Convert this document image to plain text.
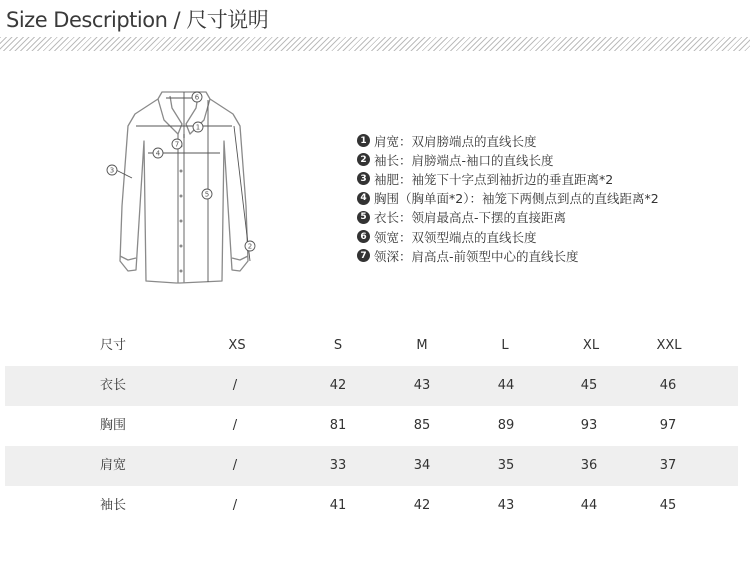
Size Description / 尺寸说明
6
1
7
4
3
5
2
1 肩宽：双肩膀端点的直线长度
2 袖长：肩膀端点-袖口的直线长度
3 袖肥：袖笼下十字点到袖折边的垂直距离*2
4 胸围（胸单面*2）：袖笼下两侧点到点的直线距离*2
5 衣长：领肩最高点-下摆的直接距离
6 领宽：双领型端点的直线长度
7 领深：肩高点-前领型中心的直线长度
尺寸	XS	S	M	L	XL	XXL
衣长	/	42	43	44	45	46
胸围	/	81	85	89	93	97
肩宽	/	33	34	35	36	37
袖长	/	41	42	43	44	45
